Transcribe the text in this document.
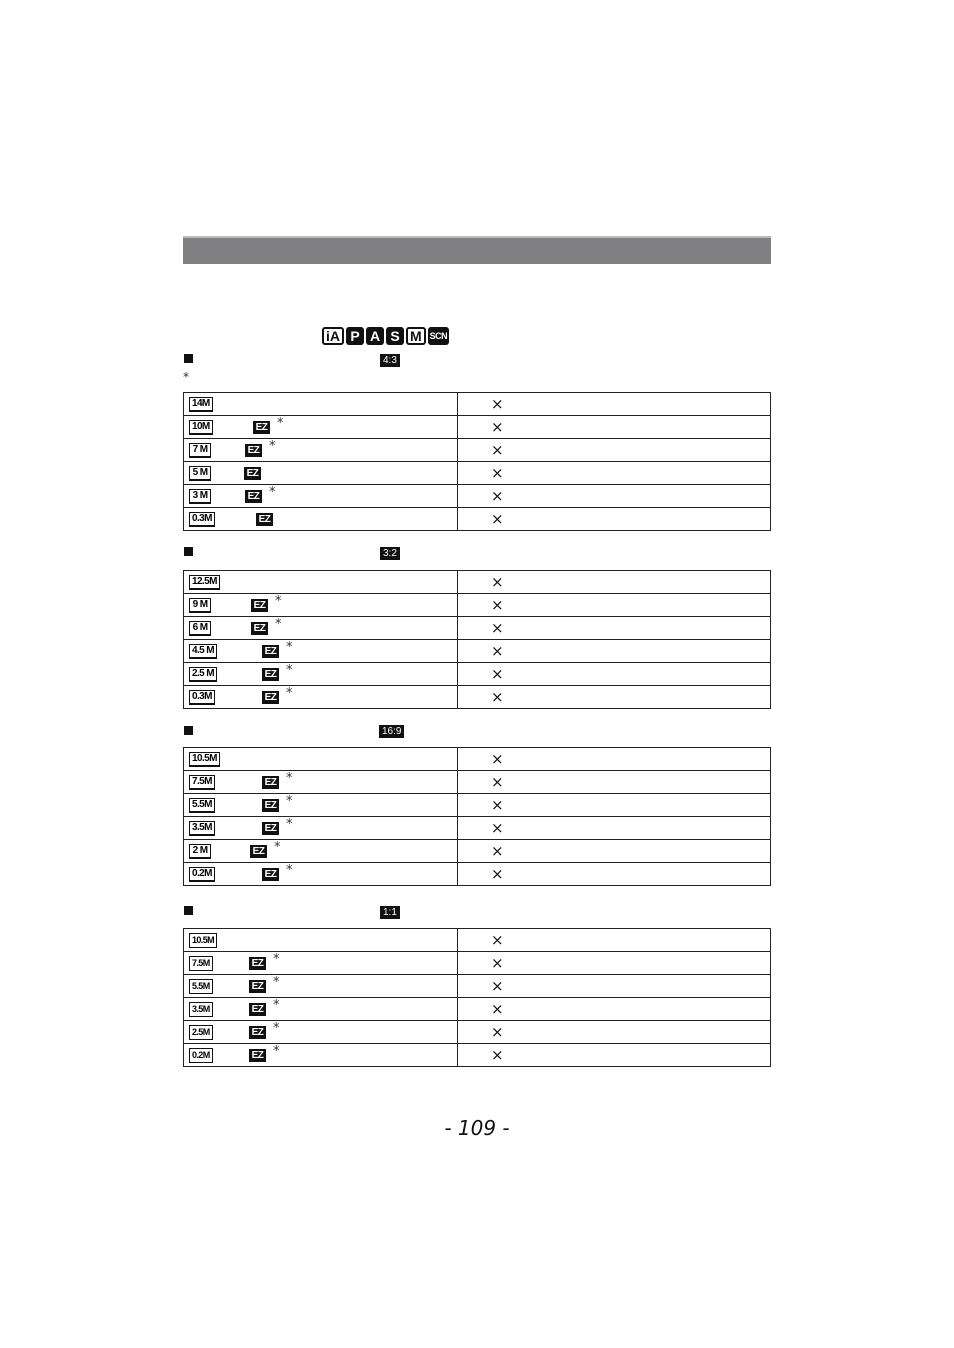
iA P A S M SCN
*
4:3
14M	×

10M EZ *	×

7 M EZ *	×

5 M EZ	×

3 M EZ *	×

0.3M EZ	×
3:2
12.5M	×

9 M EZ *	×

6 M EZ *	×

4.5 M EZ *	×

2.5 M EZ *	×

0.3M EZ *	×
16:9
10.5M	×

7.5M EZ *	×

5.5M EZ *	×

3.5M EZ *	×

2 M EZ *	×

0.2M EZ *	×
1:1
10.5M	×

7.5M EZ *	×

5.5M EZ *	×

3.5M EZ *	×

2.5M EZ *	×

0.2M EZ *	×
- 109 -
